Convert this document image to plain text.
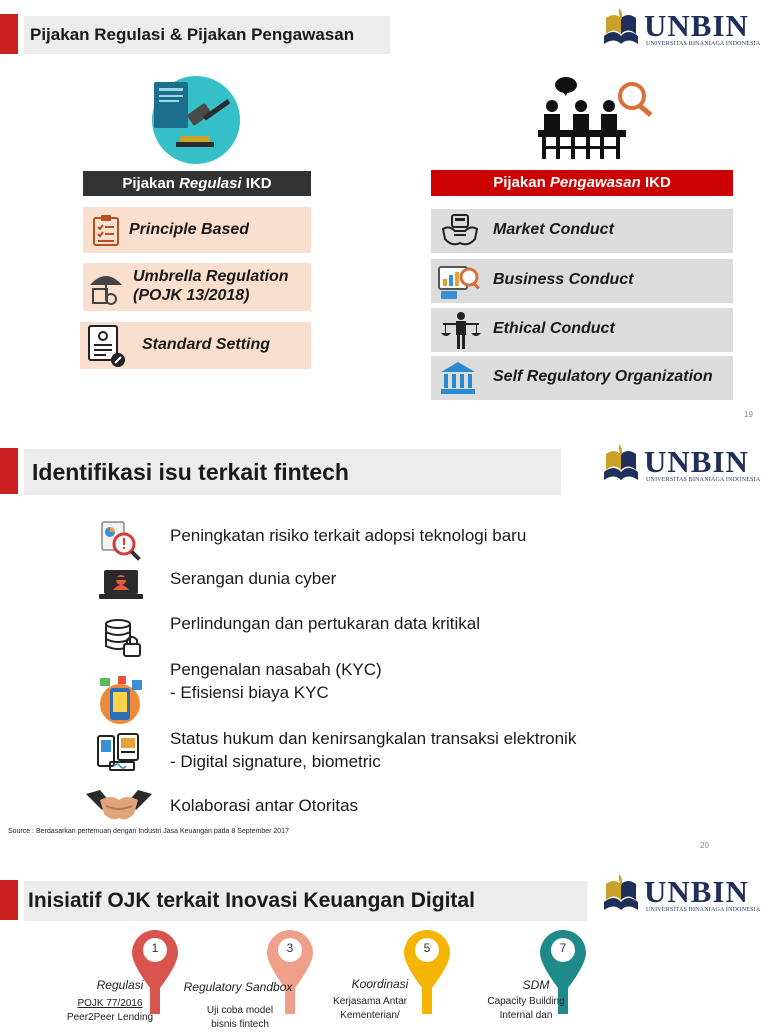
Pijakan Regulasi & Pijakan Pengawasan	UNBIN
UNIVERSITAS BINANIAGA INDONESIA
Pijakan Regulasi IKD
Principle Based
Umbrella Regulation
(POJK 13/2018)
Standard Setting
Pijakan Pengawasan IKD
Market Conduct
Business Conduct
Ethical Conduct
Self Regulatory Organization
19
Identifikasi isu terkait fintech	UNBIN
UNIVERSITAS BINANIAGA INDONESIA
Peningkatan risiko terkait adopsi teknologi baru
Serangan dunia cyber
Perlindungan dan pertukaran data kritikal
Pengenalan nasabah (KYC)
- Efisiensi biaya KYC
Status hukum dan kenirsangkalan transaksi elektronik
- Digital signature, biometric
Kolaborasi antar Otoritas
Source : Berdasarkan pertemuan dengan Industri Jasa Keuangan pada 8 September 2017
20
Inisiatif OJK terkait Inovasi Keuangan Digital	UNBIN
UNIVERSITAS BINANIAGA INDONESIA
1
Regulasi
POJK 77/2016
Peer2Peer Lending
3
Regulatory Sandbox
Uji coba model
bisnis fintech
5
Koordinasi
Kerjasama Antar
Kementerian/
7
SDM
Capacity Building
Internal dan
